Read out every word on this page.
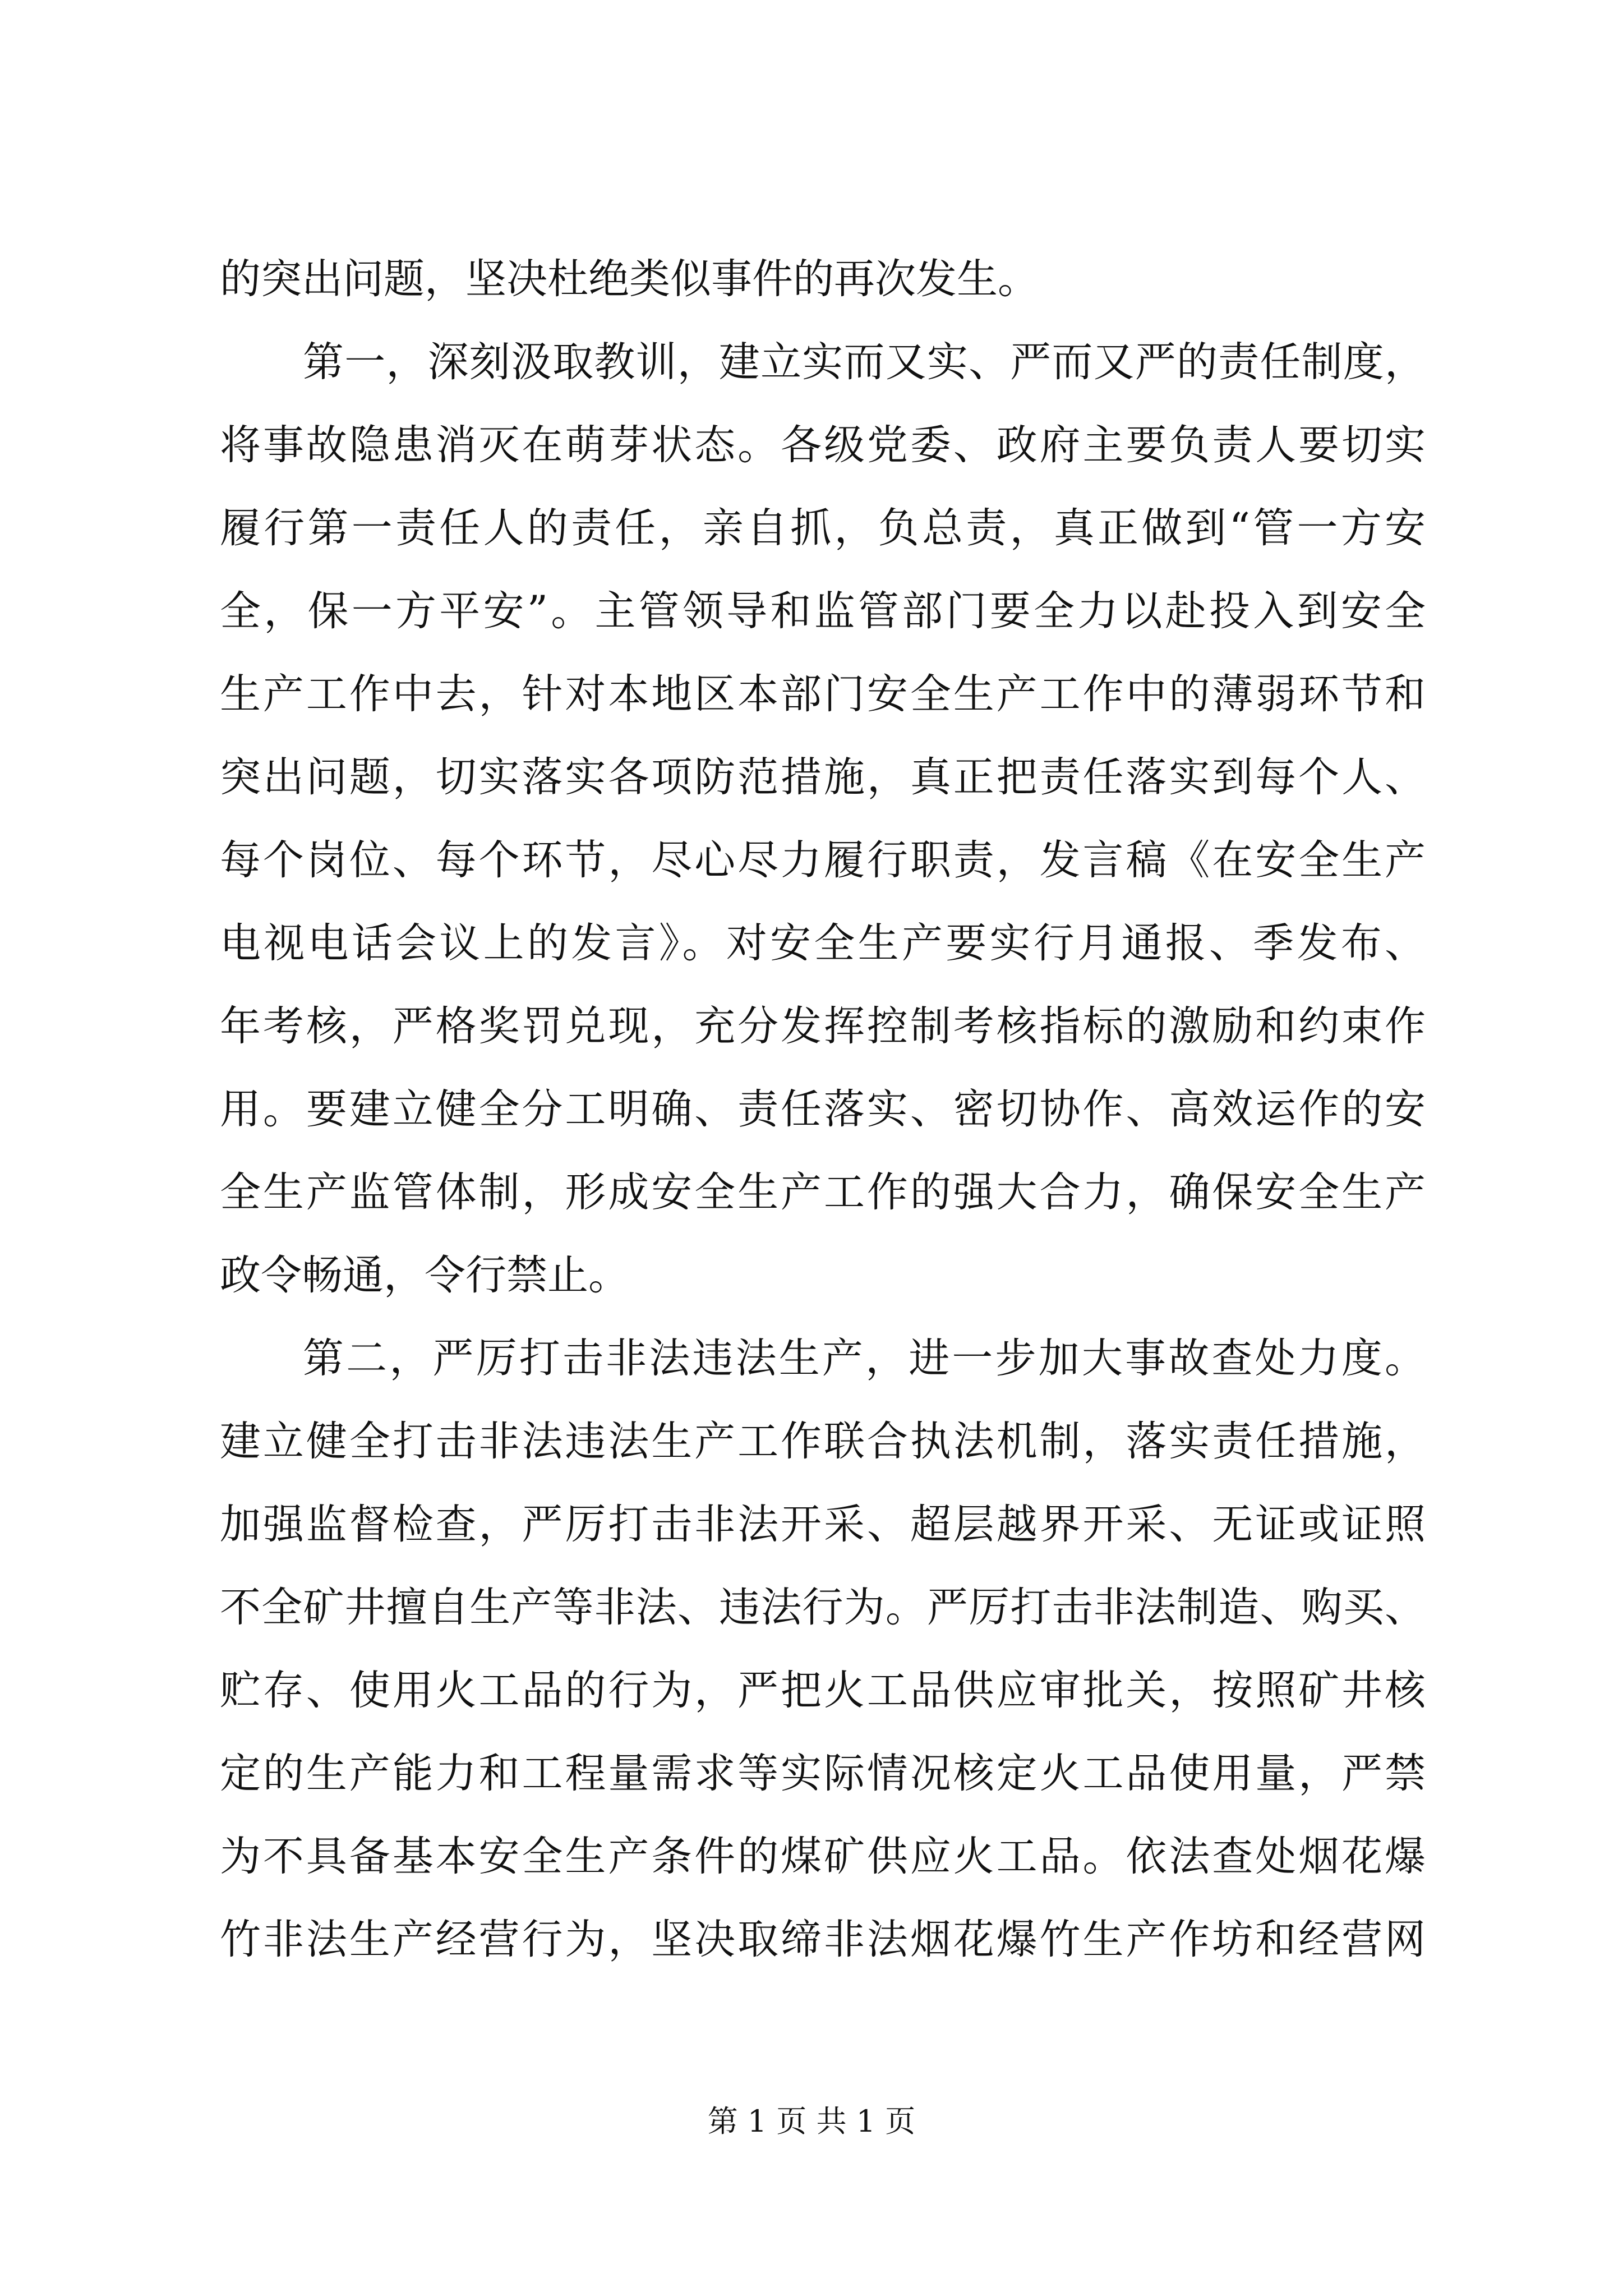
的突出问题，坚决杜绝类似事件的再次发生。
第一，深刻汲取教训，建立实而又实、严而又严的责任制度，
将事故隐患消灭在萌芽状态。各级党委、政府主要负责人要切实
履行第一责任人的责任，亲自抓，负总责，真正做到“管一方安
全，保一方平安”。主管领导和监管部门要全力以赴投入到安全
生产工作中去，针对本地区本部门安全生产工作中的薄弱环节和
突出问题，切实落实各项防范措施，真正把责任落实到每个人、
每个岗位、每个环节，尽心尽力履行职责，发言稿《在安全生产
电视电话会议上的发言》。对安全生产要实行月通报、季发布、
年考核，严格奖罚兑现，充分发挥控制考核指标的激励和约束作
用。要建立健全分工明确、责任落实、密切协作、高效运作的安
全生产监管体制，形成安全生产工作的强大合力，确保安全生产
政令畅通，令行禁止。
第二，严厉打击非法违法生产，进一步加大事故查处力度。
建立健全打击非法违法生产工作联合执法机制，落实责任措施，
加强监督检查，严厉打击非法开采、超层越界开采、无证或证照
不全矿井擅自生产等非法、违法行为。严厉打击非法制造、购买、
贮存、使用火工品的行为，严把火工品供应审批关，按照矿井核
定的生产能力和工程量需求等实际情况核定火工品使用量，严禁
为不具备基本安全生产条件的煤矿供应火工品。依法查处烟花爆
竹非法生产经营行为，坚决取缔非法烟花爆竹生产作坊和经营网
第 1 页 共 1 页
